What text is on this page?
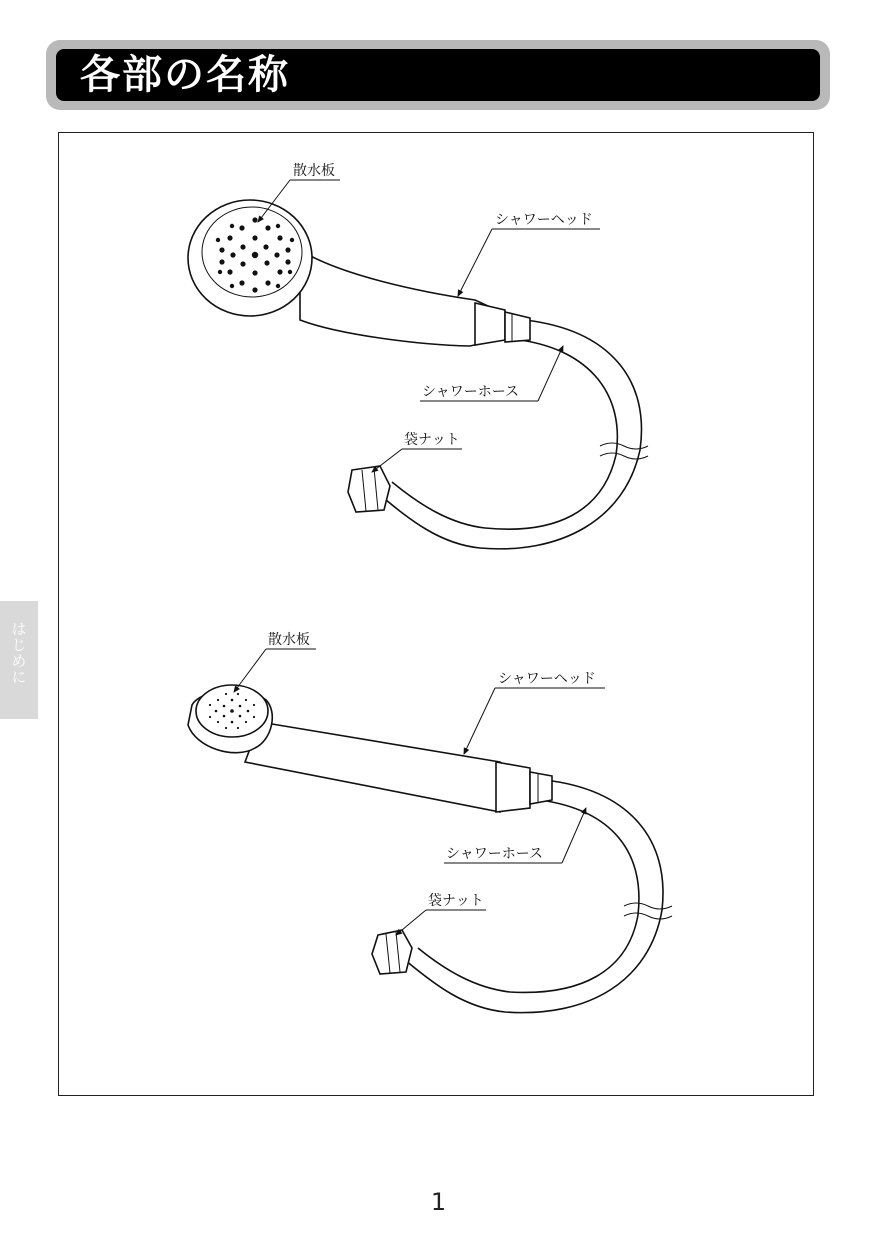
各部の名称
はじめに
散水板
シャワーヘッド
シャワーホース
袋ナット
散水板
シャワーヘッド
シャワーホース
袋ナット
1
